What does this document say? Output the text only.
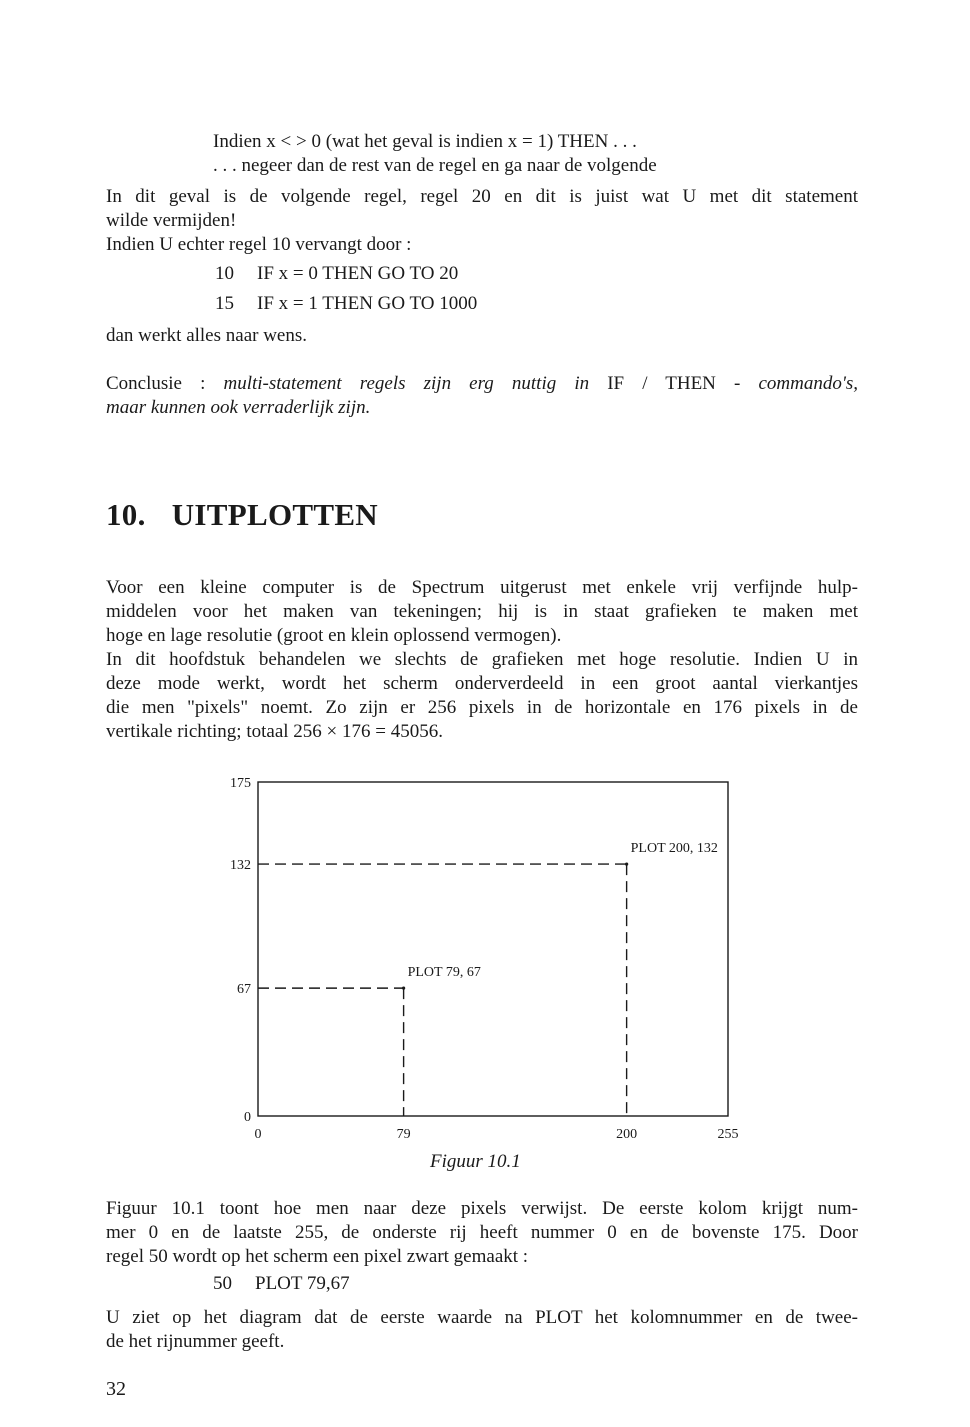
Indien x < > 0 (wat het geval is indien x = 1) THEN . . .
. . . negeer dan de rest van de regel en ga naar de volgende
In dit geval is de volgende regel, regel 20 en dit is juist wat U met dit statement
wilde vermijden!
Indien U echter regel 10 vervangt door :
10 IF x = 0 THEN GO TO 20
15 IF x = 1 THEN GO TO 1000
dan werkt alles naar wens.
Conclusie : multi-statement regels zijn erg nuttig in IF / THEN - commando's,
maar kunnen ook verraderlijk zijn.
10. UITPLOTTEN
Voor een kleine computer is de Spectrum uitgerust met enkele vrij verfijnde hulp-
middelen voor het maken van tekeningen; hij is in staat grafieken te maken met
hoge en lage resolutie (groot en klein oplossend vermogen).
In dit hoofdstuk behandelen we slechts de grafieken met hoge resolutie. Indien U in
deze mode werkt, wordt het scherm onderverdeeld in een groot aantal vierkantjes
die men "pixels" noemt. Zo zijn er 256 pixels in de horizontale en 176 pixels in de
vertikale richting; totaal 256 × 176 = 45056.
0	79	200	255
0
67
132
175
PLOT 79, 67
PLOT 200, 132
Figuur 10.1
Figuur 10.1 toont hoe men naar deze pixels verwijst. De eerste kolom krijgt num-
mer 0 en de laatste 255, de onderste rij heeft nummer 0 en de bovenste 175. Door
regel 50 wordt op het scherm een pixel zwart gemaakt :
50 PLOT 79,67
U ziet op het diagram dat de eerste waarde na PLOT het kolomnummer en de twee-
de het rijnummer geeft.
32
